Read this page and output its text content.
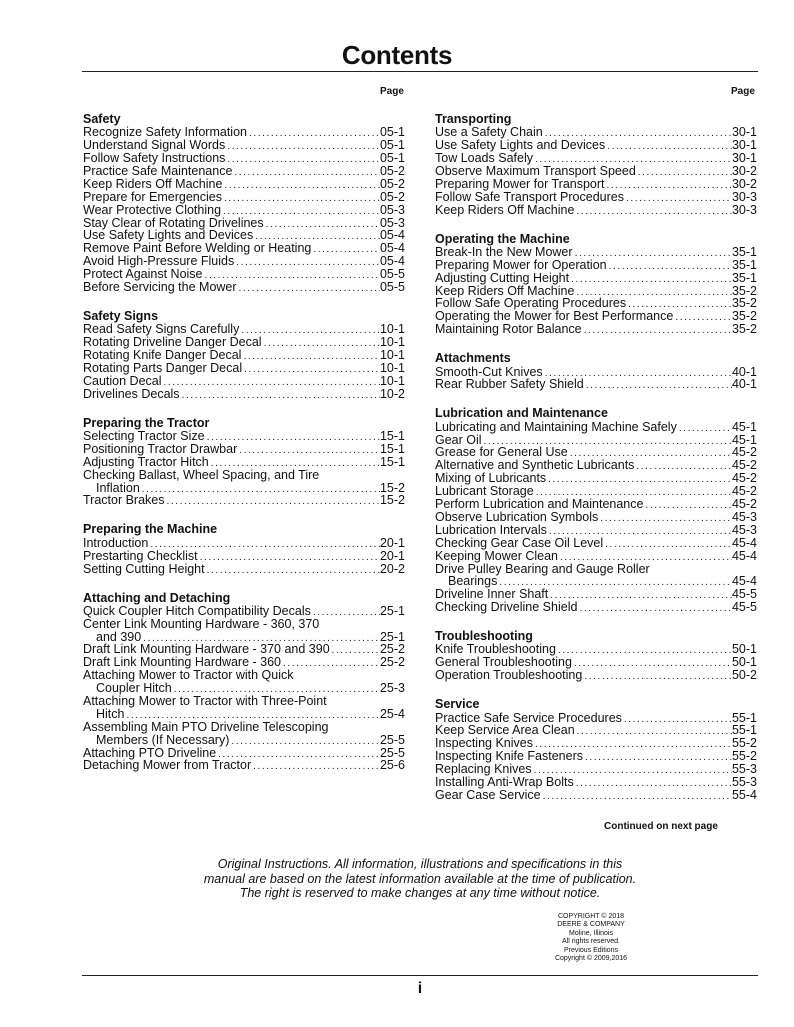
Contents
Page	Page
Safety
Recognize Safety Information .....	05-1
Understand Signal Words .....	05-1
Follow Safety Instructions .....	05-1
Practice Safe Maintenance .....	05-2
Keep Riders Off Machine .....	05-2
Prepare for Emergencies .....	05-2
Wear Protective Clothing .....	05-3
Stay Clear of Rotating Drivelines .....	05-3
Use Safety Lights and Devices .....	05-4
Remove Paint Before Welding or Heating .....	05-4
Avoid High-Pressure Fluids .....	05-4
Protect Against Noise .....	05-5
Before Servicing the Mower .....	05-5
Safety Signs
Read Safety Signs Carefully .....	10-1
Rotating Driveline Danger Decal .....	10-1
Rotating Knife Danger Decal .....	10-1
Rotating Parts Danger Decal .....	10-1
Caution Decal .....	10-1
Drivelines Decals .....	10-2
Preparing the Tractor
Selecting Tractor Size .....	15-1
Positioning Tractor Drawbar .....	15-1
Adjusting Tractor Hitch .....	15-1
Checking Ballast, Wheel Spacing, and Tire
Inflation .....	15-2
Tractor Brakes .....	15-2
Preparing the Machine
Introduction .....	20-1
Prestarting Checklist .....	20-1
Setting Cutting Height .....	20-2
Attaching and Detaching
Quick Coupler Hitch Compatibility Decals .....	25-1
Center Link Mounting Hardware - 360, 370
and 390 .....	25-1
Draft Link Mounting Hardware - 370 and 390 .....	25-2
Draft Link Mounting Hardware - 360 .....	25-2
Attaching Mower to Tractor with Quick
Coupler Hitch .....	25-3
Attaching Mower to Tractor with Three-Point
Hitch .....	25-4
Assembling Main PTO Driveline Telescoping
Members (If Necessary) .....	25-5
Attaching PTO Driveline .....	25-5
Detaching Mower from Tractor .....	25-6
Transporting
Use a Safety Chain .....	30-1
Use Safety Lights and Devices .....	30-1
Tow Loads Safely .....	30-1
Observe Maximum Transport Speed .....	30-2
Preparing Mower for Transport .....	30-2
Follow Safe Transport Procedures .....	30-3
Keep Riders Off Machine .....	30-3
Operating the Machine
Break-In the New Mower .....	35-1
Preparing Mower for Operation .....	35-1
Adjusting Cutting Height .....	35-1
Keep Riders Off Machine .....	35-2
Follow Safe Operating Procedures .....	35-2
Operating the Mower for Best Performance .....	35-2
Maintaining Rotor Balance .....	35-2
Attachments
Smooth-Cut Knives .....	40-1
Rear Rubber Safety Shield .....	40-1
Lubrication and Maintenance
Lubricating and Maintaining Machine Safely .....	45-1
Gear Oil .....	45-1
Grease for General Use .....	45-2
Alternative and Synthetic Lubricants .....	45-2
Mixing of Lubricants .....	45-2
Lubricant Storage .....	45-2
Perform Lubrication and Maintenance .....	45-2
Observe Lubrication Symbols .....	45-3
Lubrication Intervals .....	45-3
Checking Gear Case Oil Level .....	45-4
Keeping Mower Clean .....	45-4
Drive Pulley Bearing and Gauge Roller
Bearings .....	45-4
Driveline Inner Shaft .....	45-5
Checking Driveline Shield .....	45-5
Troubleshooting
Knife Troubleshooting .....	50-1
General Troubleshooting .....	50-1
Operation Troubleshooting .....	50-2
Service
Practice Safe Service Procedures .....	55-1
Keep Service Area Clean .....	55-1
Inspecting Knives .....	55-2
Inspecting Knife Fasteners .....	55-2
Replacing Knives .....	55-3
Installing Anti-Wrap Bolts .....	55-3
Gear Case Service .....	55-4
Continued on next page
Original Instructions. All information, illustrations and specifications in this
manual are based on the latest information available at the time of publication.
The right is reserved to make changes at any time without notice.
COPYRIGHT © 2018
DEERE & COMPANY
Moline, Illinois
All rights reserved.
Previous Editions
Copyright © 2009,2016
i
